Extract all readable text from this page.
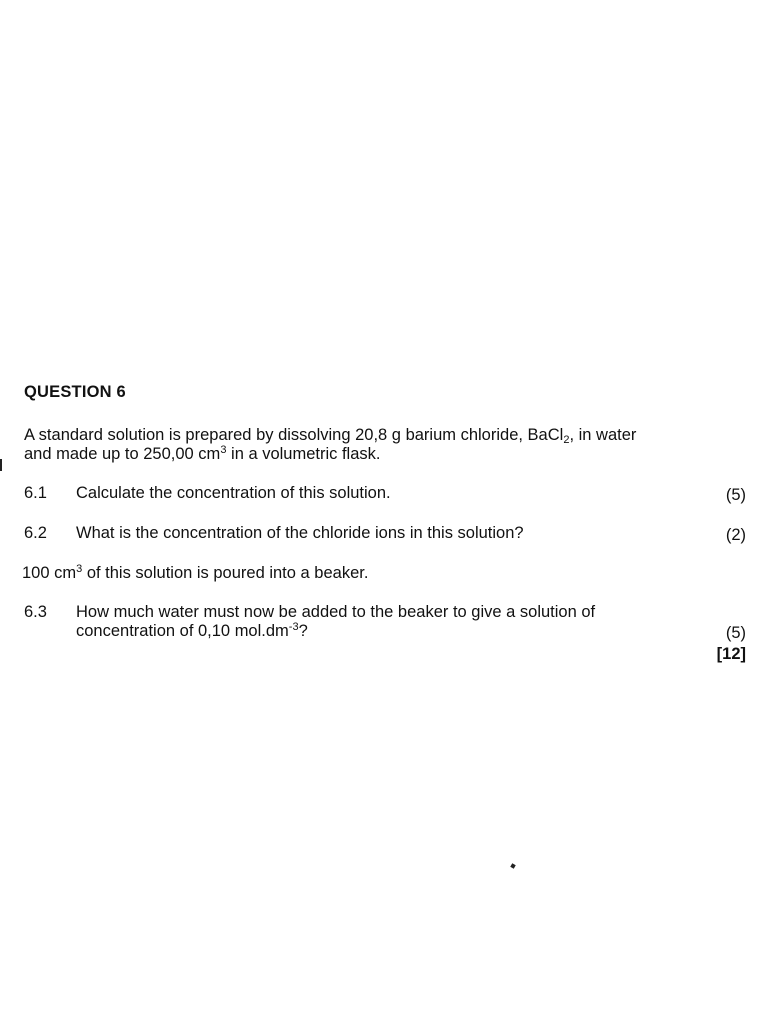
QUESTION 6
A standard solution is prepared by dissolving 20,8 g barium chloride, BaCl$_2$, in water
and made up to 250,00 $cm^3$ in a volumetric flask.
6.1 Calculate the concentration of this solution.	(5)
6.2 What is the concentration of the chloride ions in this solution?	(2)
100 $cm^3$ of this solution is poured into a beaker.
6.3 How much water must now be added to the beaker to give a solution of
concentration of 0,10 $mol.dm^{-3}$?	(5)
[12]
